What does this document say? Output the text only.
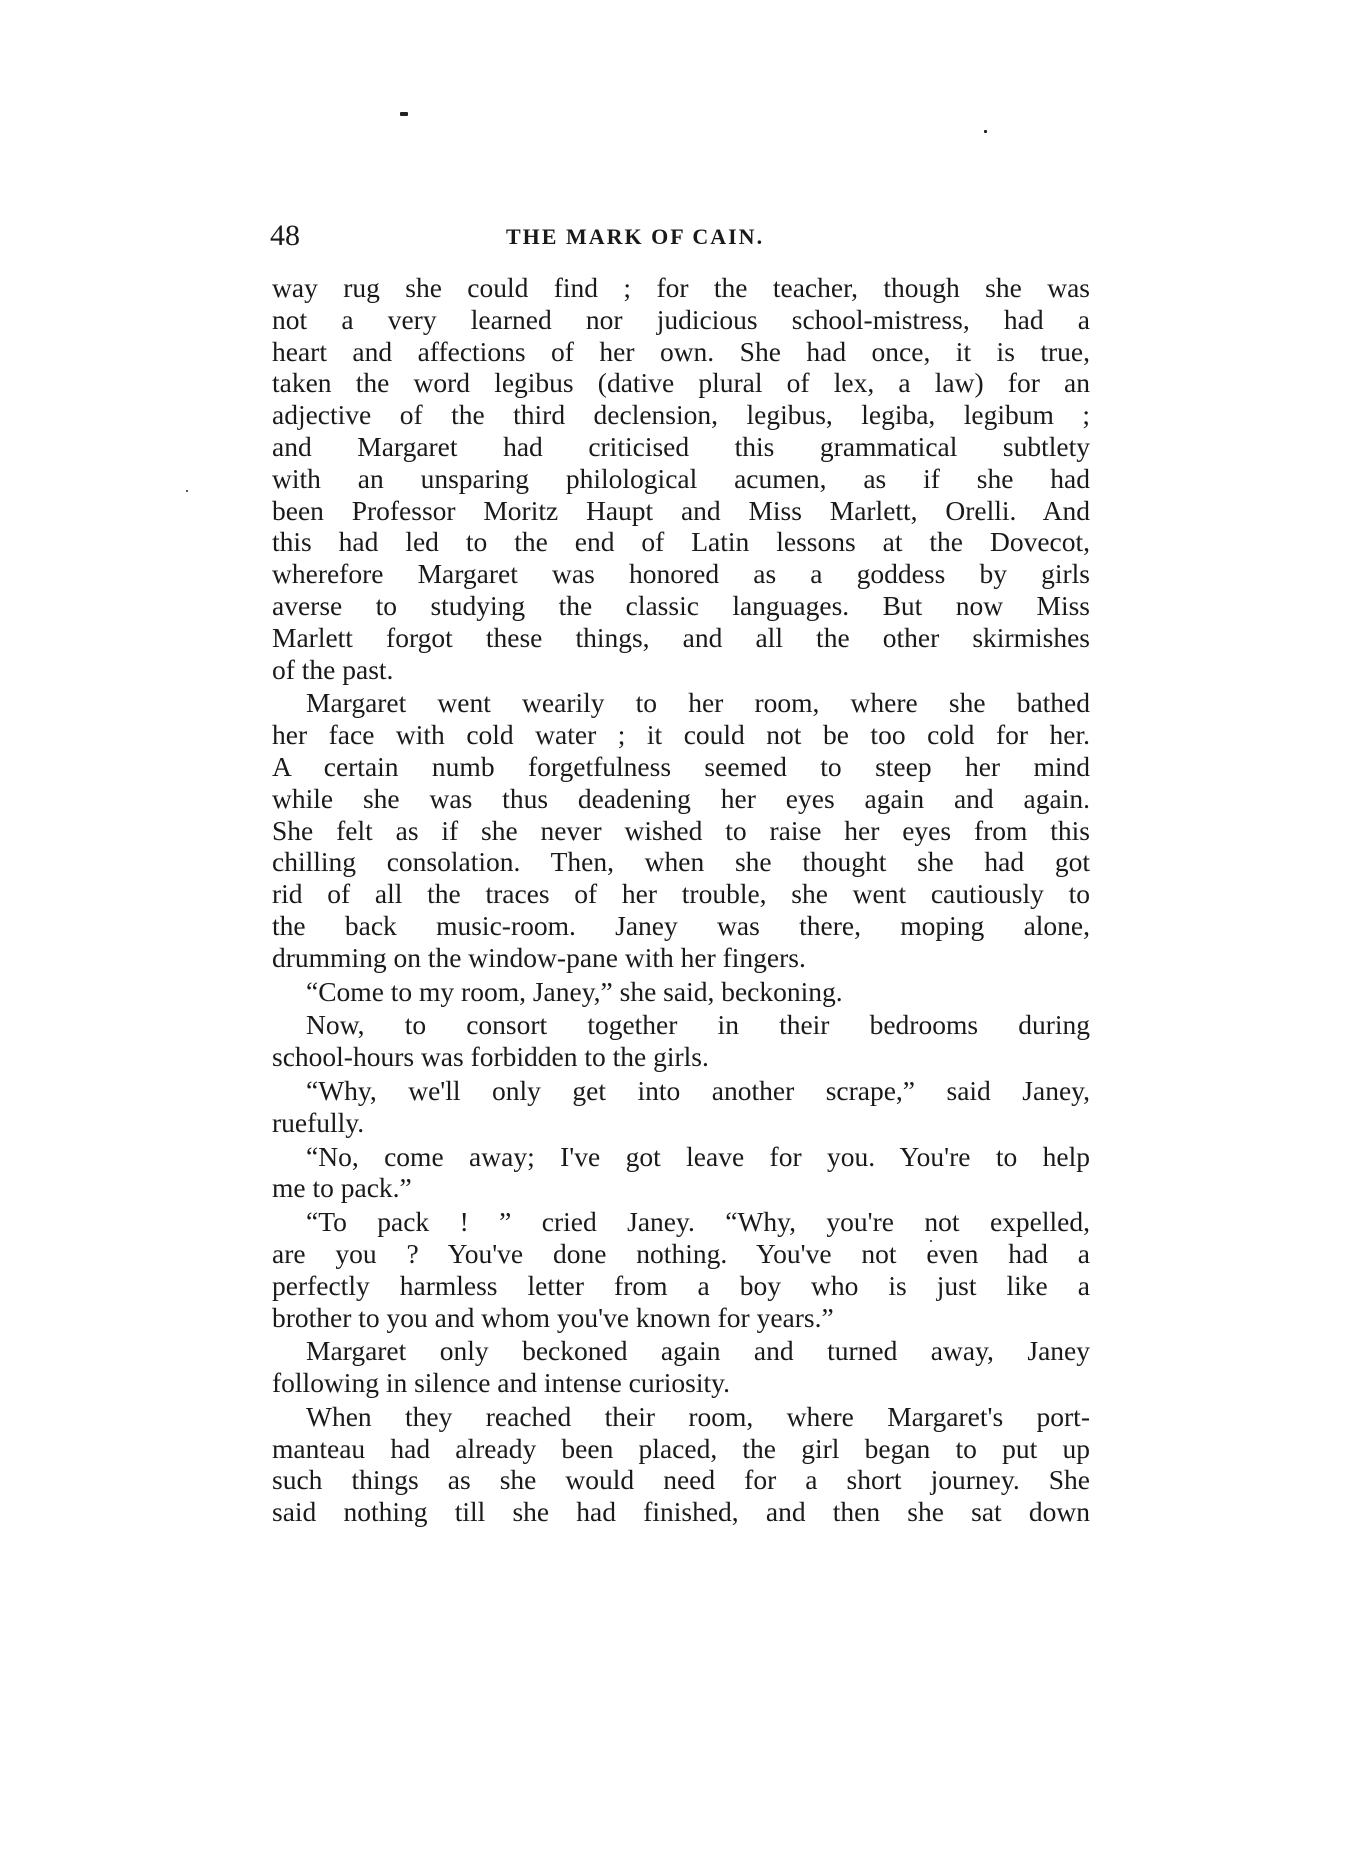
48	THE MARK OF CAIN.
way rug she could find ; for the teacher, though she was
not a very learned nor judicious school-mistress, had a
heart and affections of her own. She had once, it is true,
taken the word legibus (dative plural of lex, a law) for an
adjective of the third declension, legibus, legiba, legibum ;
and Margaret had criticised this grammatical subtlety
with an unsparing philological acumen, as if she had
been Professor Moritz Haupt and Miss Marlett, Orelli. And
this had led to the end of Latin lessons at the Dovecot,
wherefore Margaret was honored as a goddess by girls
averse to studying the classic languages. But now Miss
Marlett forgot these things, and all the other skirmishes
of the past.
Margaret went wearily to her room, where she bathed
her face with cold water ; it could not be too cold for her.
A certain numb forgetfulness seemed to steep her mind
while she was thus deadening her eyes again and again.
She felt as if she never wished to raise her eyes from this
chilling consolation. Then, when she thought she had got
rid of all the traces of her trouble, she went cautiously to
the back music-room. Janey was there, moping alone,
drumming on the window-pane with her fingers.
“Come to my room, Janey,” she said, beckoning.
Now, to consort together in their bedrooms during
school-hours was forbidden to the girls.
“Why, we'll only get into another scrape,” said Janey,
ruefully.
“No, come away; I've got leave for you. You're to help
me to pack.”
“To pack ! ” cried Janey. “Why, you're not expelled,
are you ? You've done nothing. You've not even had a
perfectly harmless letter from a boy who is just like a
brother to you and whom you've known for years.”
Margaret only beckoned again and turned away, Janey
following in silence and intense curiosity.
When they reached their room, where Margaret's port-
manteau had already been placed, the girl began to put up
such things as she would need for a short journey. She
said nothing till she had finished, and then she sat down
